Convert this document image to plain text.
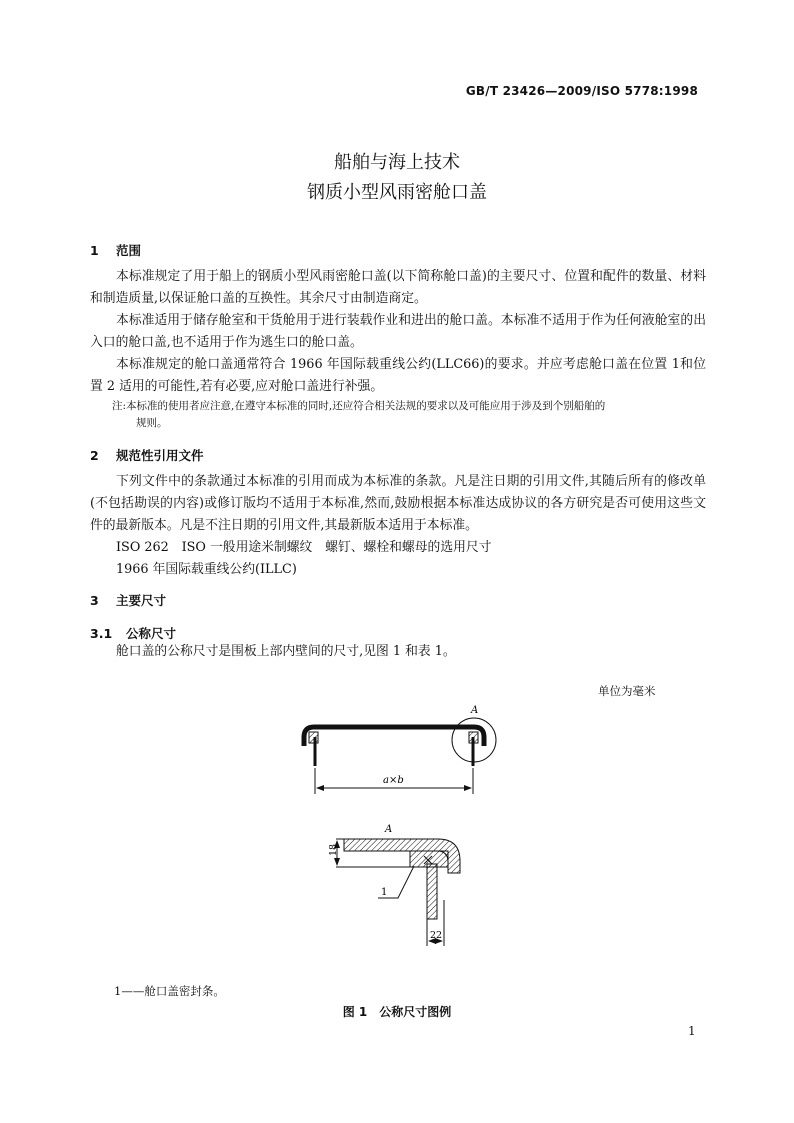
GB/T 23426—2009/ISO 5778:1998
船舶与海上技术
钢质小型风雨密舱口盖
1 范围
本标准规定了用于船上的钢质小型风雨密舱口盖(以下简称舱口盖)的主要尺寸、位置和配件的数量、材料和制造质量,以保证舱口盖的互换性。其余尺寸由制造商定。
本标准适用于储存舱室和干货舱用于进行装载作业和进出的舱口盖。本标准不适用于作为任何液舱室的出入口的舱口盖,也不适用于作为逃生口的舱口盖。
本标准规定的舱口盖通常符合 1966 年国际载重线公约(LLC66)的要求。并应考虑舱口盖在位置 1和位置 2 适用的可能性,若有必要,应对舱口盖进行补强。
注:本标准的使用者应注意,在遵守本标准的同时,还应符合相关法规的要求以及可能应用于涉及到个别船舶的
规则。
2 规范性引用文件
下列文件中的条款通过本标准的引用而成为本标准的条款。凡是注日期的引用文件,其随后所有的修改单(不包括勘误的内容)或修订版均不适用于本标准,然而,鼓励根据本标准达成协议的各方研究是否可使用这些文件的最新版本。凡是不注日期的引用文件,其最新版本适用于本标准。
ISO 262　ISO 一般用途米制螺纹　螺钉、螺栓和螺母的选用尺寸
1966 年国际载重线公约(ILLC)
3 主要尺寸
3.1 公称尺寸
舱口盖的公称尺寸是围板上部内壁间的尺寸,见图 1 和表 1。
单位为毫米
A
a×b
A
18
1
22
1——舱口盖密封条。
图 1　公称尺寸图例
1
